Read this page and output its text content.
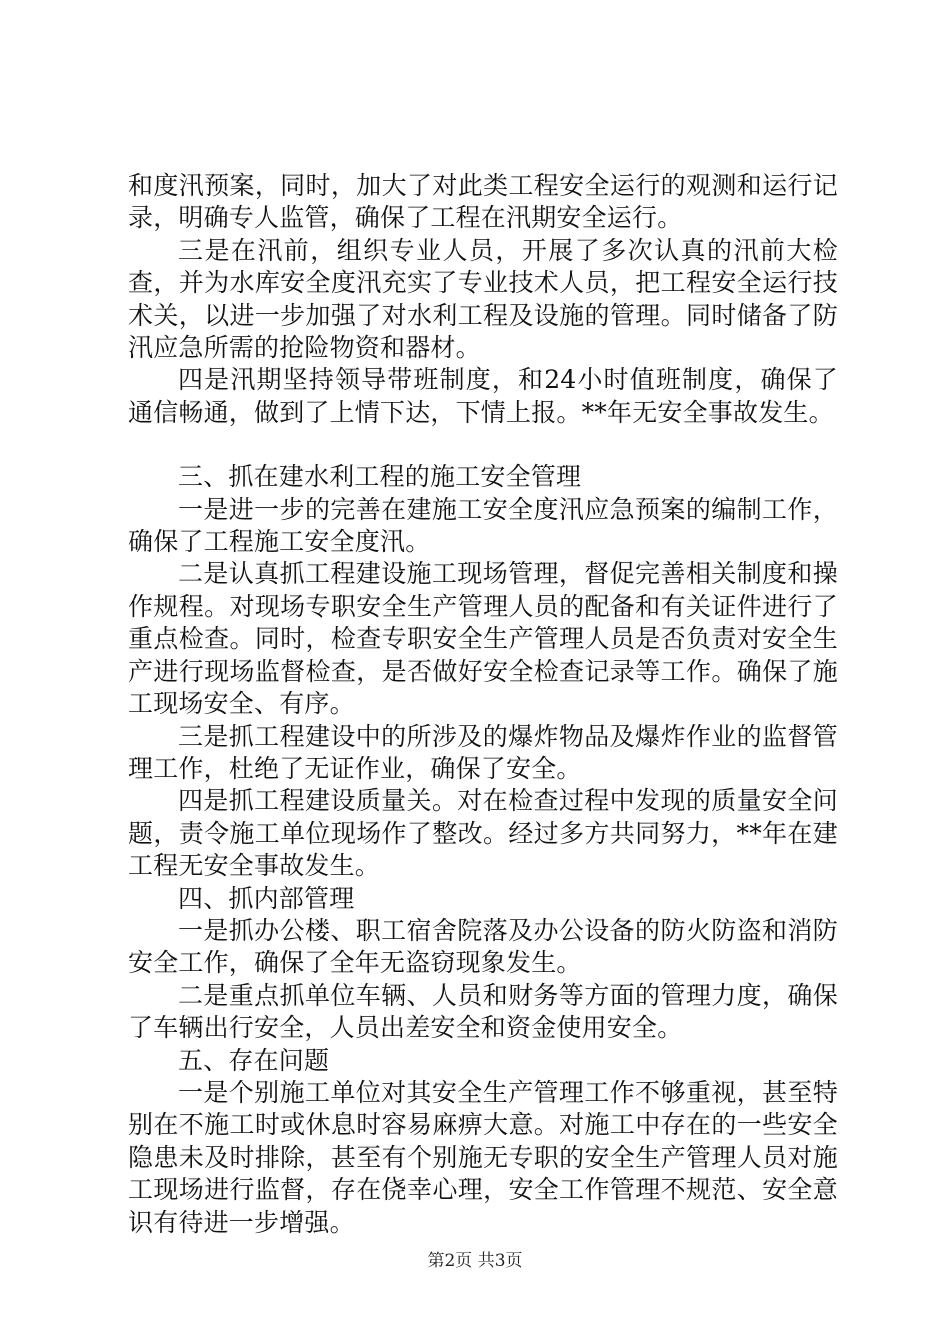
和度汛预案，同时，加大了对此类工程安全运行的观测和运行记录，明确专人监管，确保了工程在汛期安全运行。

三是在汛前，组织专业人员，开展了多次认真的汛前大检查，并为水库安全度汛充实了专业技术人员，把工程安全运行技术关，以进一步加强了对水利工程及设施的管理。同时储备了防汛应急所需的抢险物资和器材。

四是汛期坚持领导带班制度，和24小时值班制度，确保了通信畅通，做到了上情下达，下情上报。**年无安全事故发生。

三、抓在建水利工程的施工安全管理

一是进一步的完善在建施工安全度汛应急预案的编制工作，确保了工程施工安全度汛。

二是认真抓工程建设施工现场管理，督促完善相关制度和操作规程。对现场专职安全生产管理人员的配备和有关证件进行了重点检查。同时，检查专职安全生产管理人员是否负责对安全生产进行现场监督检查，是否做好安全检查记录等工作。确保了施工现场安全、有序。

三是抓工程建设中的所涉及的爆炸物品及爆炸作业的监督管理工作，杜绝了无证作业，确保了安全。

四是抓工程建设质量关。对在检查过程中发现的质量安全问题，责令施工单位现场作了整改。经过多方共同努力，**年在建工程无安全事故发生。

四、抓内部管理

一是抓办公楼、职工宿舍院落及办公设备的防火防盗和消防安全工作，确保了全年无盗窃现象发生。

二是重点抓单位车辆、人员和财务等方面的管理力度，确保了车辆出行安全，人员出差安全和资金使用安全。

五、存在问题

一是个别施工单位对其安全生产管理工作不够重视，甚至特别在不施工时或休息时容易麻痹大意。对施工中存在的一些安全隐患未及时排除，甚至有个别施无专职的安全生产管理人员对施工现场进行监督，存在侥幸心理，安全工作管理不规范、安全意识有待进一步增强。

第2页 共3页
